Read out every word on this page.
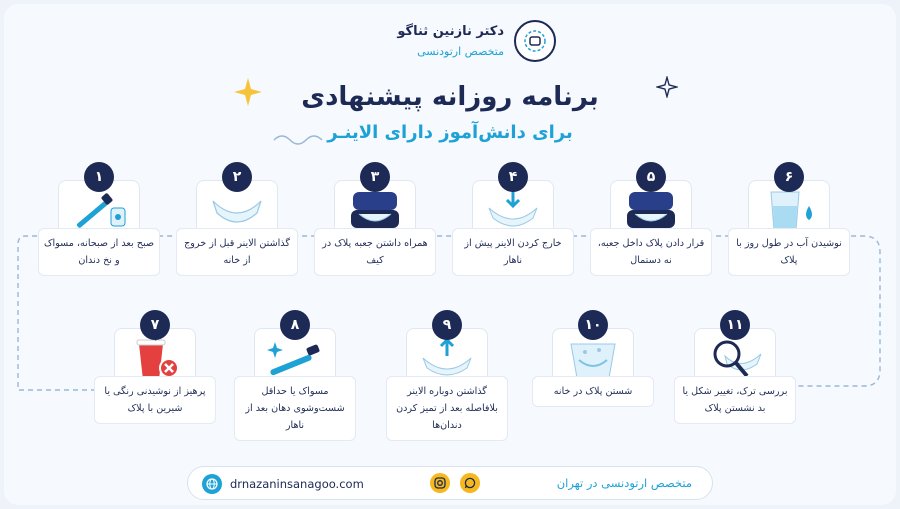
دکتر نازنین ثناگو
متخصص ارتودنسی
برنامه روزانه پیشنهادی
برای دانش‌آموز دارای الاینـر
۱
صبح بعد از صبحانه، مسواک و نخ دندان
۲
گذاشتن الاینر قبل از خروج از خانه
۳
همراه داشتن جعبه پلاک در کیف
۴
خارج کردن الاینر پیش از ناهار
۵
قرار دادن پلاک داخل جعبه، نه دستمال
۶
نوشیدن آب در طول روز با پلاک
۷
پرهیز از نوشیدنی رنگی یا شیرین با پلاک
۸
مسواک یا حداقل شست‌وشوی دهان بعد از ناهار
۹
گذاشتن دوباره الاینر بلافاصله بعد از تمیز کردن دندان‌ها
۱۰
شستن پلاک در خانه
۱۱
بررسی ترک، تغییر شکل یا بد نشستن پلاک
drnazaninsanagoo.com	متخصص ارتودنسی در تهران
